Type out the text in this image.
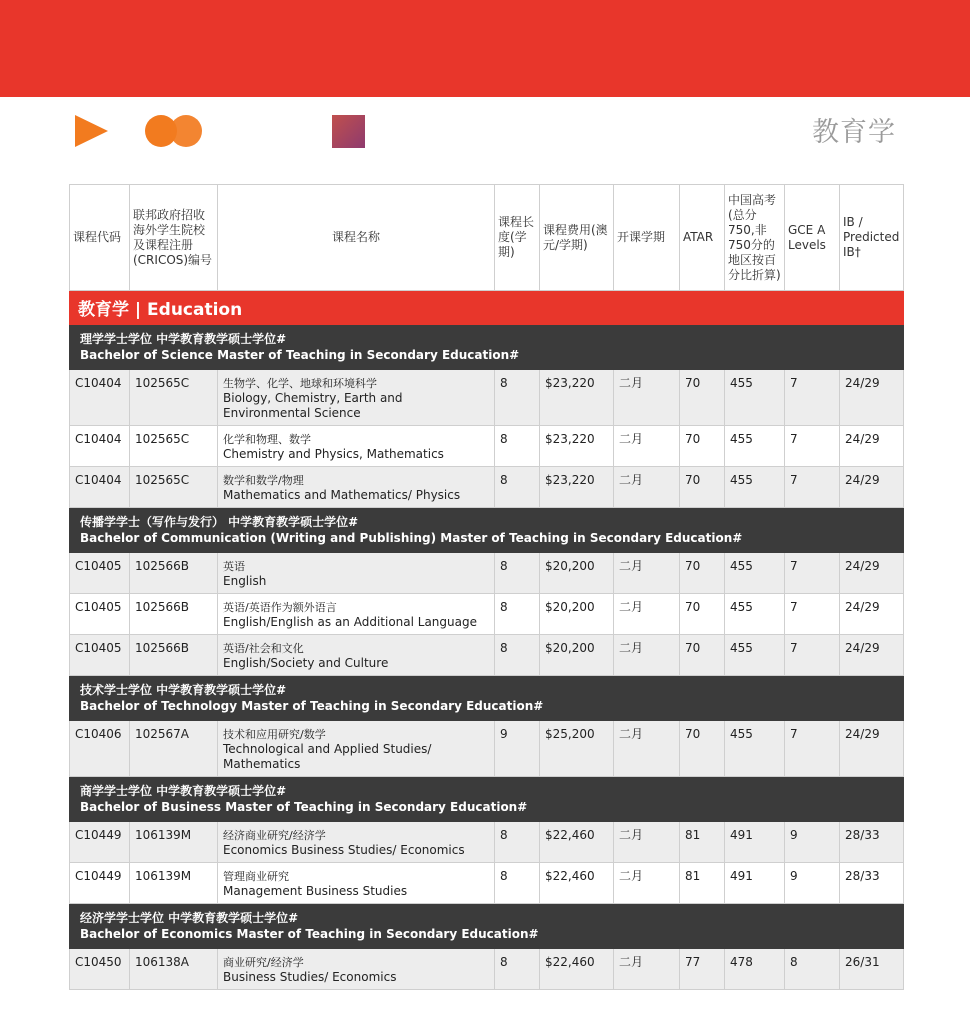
教育学
课程代码	联邦政府招收海外学生院校及课程注册(CRICOS)编号	课程名称	课程长度(学期)	课程费用(澳元/学期)	开课学期	ATAR	中国高考(总分750,非750分的地区按百分比折算)	GCE A Levels	IB / Predicted IB†
教育学 | Education									

理学学士学位 中学教育教学硕士学位#
Bachelor of Science Master of Teaching in Secondary Education#									

C10404	102565C	生物学、化学、地球和环境科学
Biology, Chemistry, Earth and Environmental Science	8	$23,220	二月	70	455	7	24/29
C10404	102565C	化学和物理、数学
Chemistry and Physics, Mathematics	8	$23,220	二月	70	455	7	24/29
C10404	102565C	数学和数学/物理
Mathematics and Mathematics/ Physics	8	$23,220	二月	70	455	7	24/29

传播学学士（写作与发行） 中学教育教学硕士学位#
Bachelor of Communication (Writing and Publishing) Master of Teaching in Secondary Education#									

C10405	102566B	英语
English	8	$20,200	二月	70	455	7	24/29
C10405	102566B	英语/英语作为额外语言
English/English as an Additional Language	8	$20,200	二月	70	455	7	24/29
C10405	102566B	英语/社会和文化
English/Society and Culture	8	$20,200	二月	70	455	7	24/29

技术学士学位 中学教育教学硕士学位#
Bachelor of Technology Master of Teaching in Secondary Education#									

C10406	102567A	技术和应用研究/数学
Technological and Applied Studies/ Mathematics	9	$25,200	二月	70	455	7	24/29

商学学士学位 中学教育教学硕士学位#
Bachelor of Business Master of Teaching in Secondary Education#									

C10449	106139M	经济商业研究/经济学
Economics Business Studies/ Economics	8	$22,460	二月	81	491	9	28/33
C10449	106139M	管理商业研究
Management Business Studies	8	$22,460	二月	81	491	9	28/33

经济学学士学位 中学教育教学硕士学位#
Bachelor of Economics Master of Teaching in Secondary Education#									

C10450	106138A	商业研究/经济学
Business Studies/ Economics	8	$22,460	二月	77	478	8	26/31
